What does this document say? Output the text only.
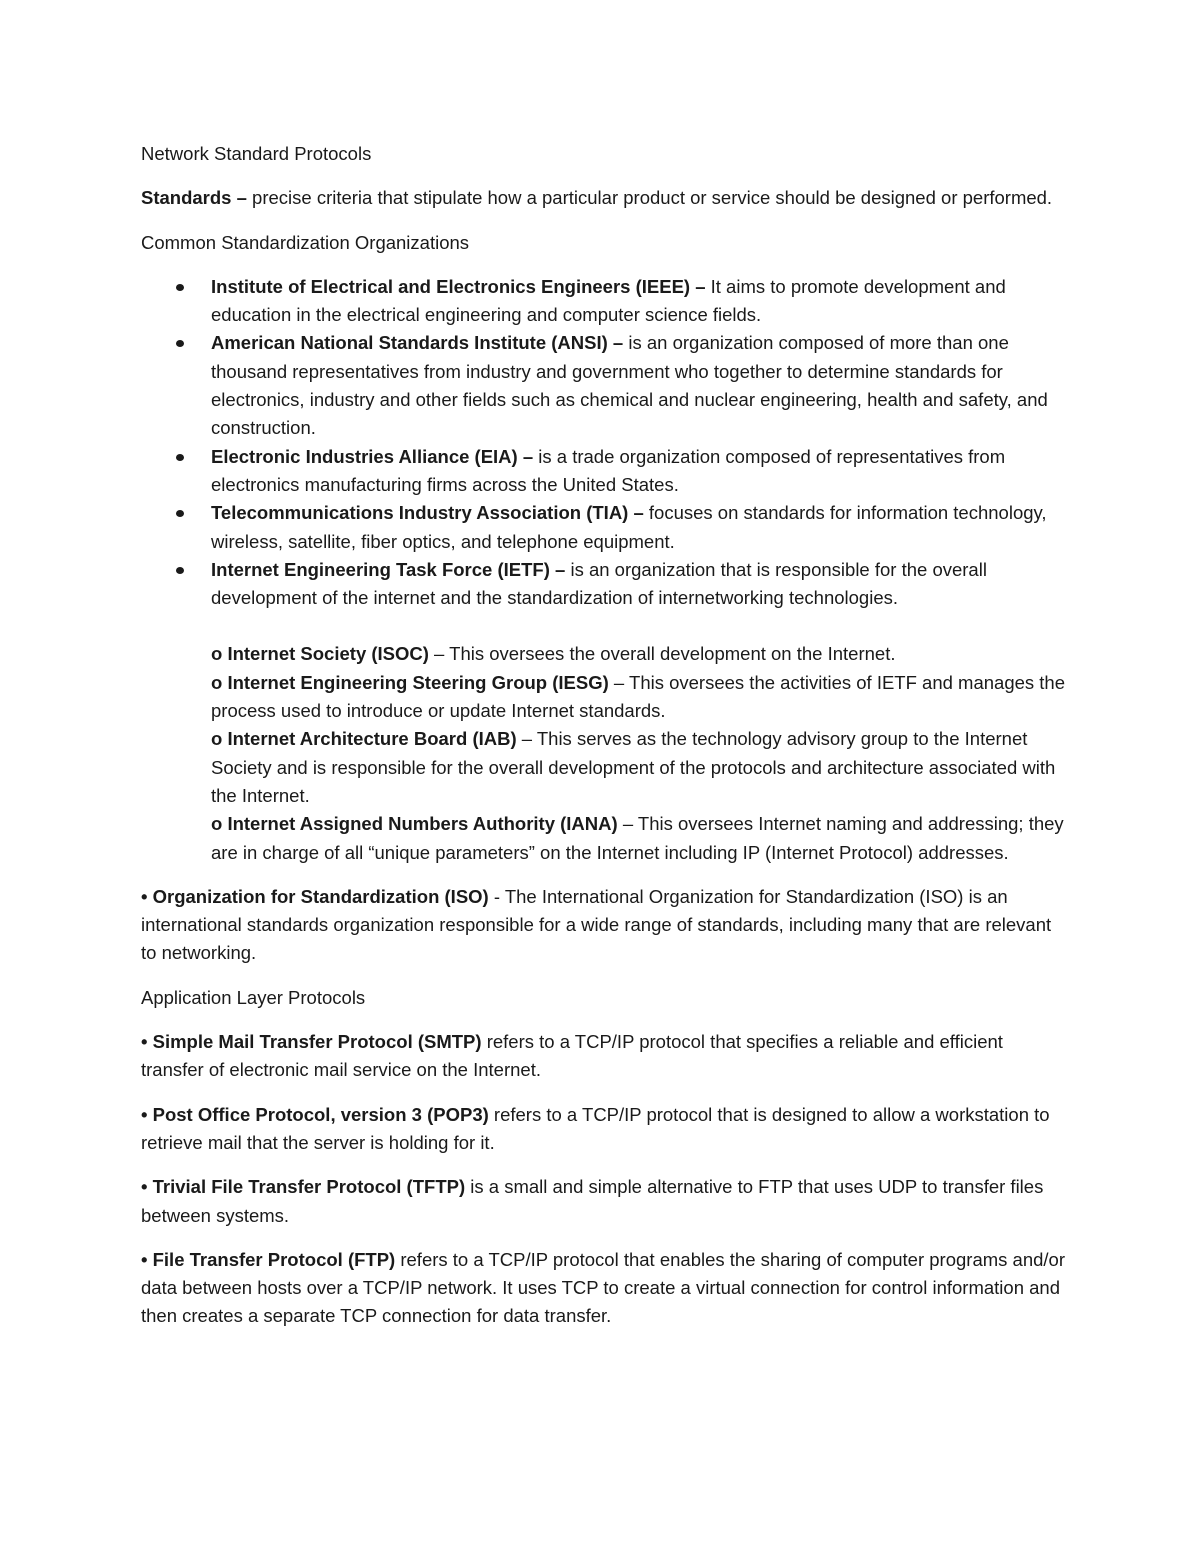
Network Standard Protocols

Standards – precise criteria that stipulate how a particular product or service should be designed or performed.

Common Standardization Organizations

Institute of Electrical and Electronics Engineers (IEEE) – It aims to promote development and education in the electrical engineering and computer science fields.
American National Standards Institute (ANSI) – is an organization composed of more than one thousand representatives from industry and government who together to determine standards for electronics, industry and other fields such as chemical and nuclear engineering, health and safety, and construction.
Electronic Industries Alliance (EIA) – is a trade organization composed of representatives from electronics manufacturing firms across the United States.
Telecommunications Industry Association (TIA) – focuses on standards for information technology, wireless, satellite, fiber optics, and telephone equipment.
Internet Engineering Task Force (IETF) – is an organization that is responsible for the overall development of the internet and the standardization of internetworking technologies.

o Internet Society (ISOC) – This oversees the overall development on the Internet.

o Internet Engineering Steering Group (IESG) – This oversees the activities of IETF and manages the process used to introduce or update Internet standards.

o Internet Architecture Board (IAB) – This serves as the technology advisory group to the Internet Society and is responsible for the overall development of the protocols and architecture associated with the Internet.

o Internet Assigned Numbers Authority (IANA) – This oversees Internet naming and addressing; they are in charge of all “unique parameters” on the Internet including IP (Internet Protocol) addresses.

• Organization for Standardization (ISO) - The International Organization for Standardization (ISO) is an international standards organization responsible for a wide range of standards, including many that are relevant to networking.

Application Layer Protocols

• Simple Mail Transfer Protocol (SMTP) refers to a TCP/IP protocol that specifies a reliable and efficient transfer of electronic mail service on the Internet.

• Post Office Protocol, version 3 (POP3) refers to a TCP/IP protocol that is designed to allow a workstation to retrieve mail that the server is holding for it.

• Trivial File Transfer Protocol (TFTP) is a small and simple alternative to FTP that uses UDP to transfer files between systems.

• File Transfer Protocol (FTP) refers to a TCP/IP protocol that enables the sharing of computer programs and/or data between hosts over a TCP/IP network. It uses TCP to create a virtual connection for control information and then creates a separate TCP connection for data transfer.
